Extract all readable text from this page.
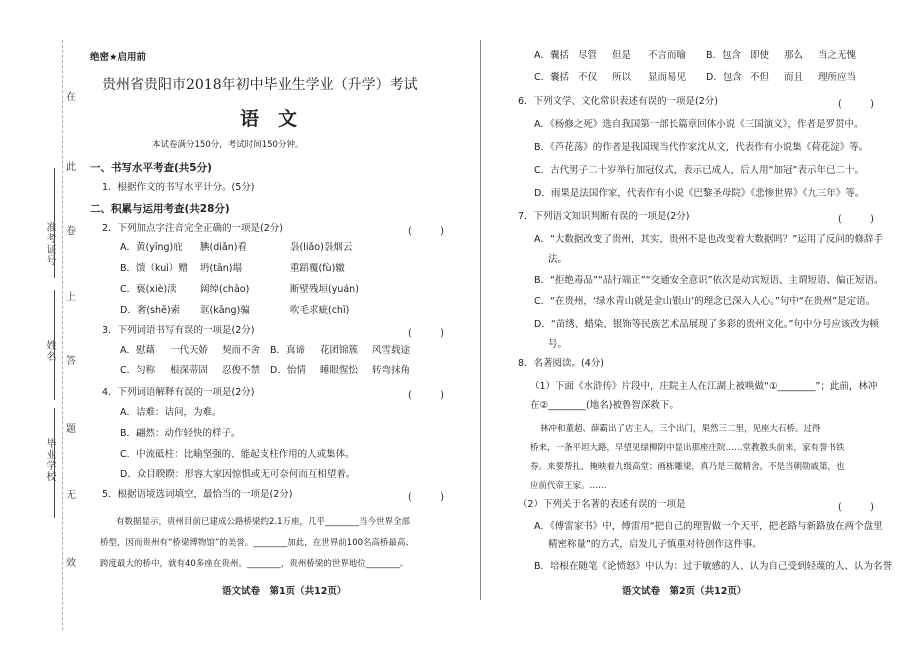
在
此
卷
上
答
题
无
效
准考证号
姓名
毕业学校
绝密★启用前
贵州省贵阳市2018年初中毕业生学业（升学）考试
语　文
本试卷满分150分，考试时间150分钟。
一、书写水平考查(共5分)
1．根据作文的书写水平计分。(5分)
二、积累与运用考查(共28分)
2．下列加点字注音完全正确的一项是(2分)	(　　　)
A．黄(yīng)庇 腆(diǎn)看	袅(liǎo)袅烟云
B．馈（kuì）赠 坍(tān)塌	重蹈覆(fù)辙
C．亵(xiè)渎 阔绰(chāo)	断壁残垣(yuán)
D．奢(shē)索 诓(kāng)骗	吹毛求疵(chī)
3．下列词语书写有误的一项是(2分)	(　　　)
A．慰藉 一代天娇 契而不舍 B．真谛 花团锦簇 风雪载途
C．匀称 根深蒂固 忍俊不禁 D．怡情 睡眼惺忪 转弯抹角
4．下列词语解释有误的一项是(2分)	(　　　)
A．诘难：诘问，为难。
B．翩然：动作轻快的样子。
C．中流砥柱：比喻坚强的、能起支柱作用的人或集体。
D．众目睽睽：形容大家因惊惧或无可奈何而互相望着。
5．根据语境选词填空，最恰当的一项是(2分)	(　　　)
有数据显示，贵州目前已建成公路桥梁约2.1万座，几乎________当今世界全部
桥型，因而贵州有“桥梁博物馆”的美誉。________加此，在世界前100名高桥最高、
跨度最大的桥中，就有40多座在贵州。________，贵州桥梁的世界地位________。
语文试卷　第1页（共12页）
A．囊括 尽管 但是 不言而喻 B．包含 即使 那么 当之无愧
C．囊括 不仅 所以 显而易见 D．包含 不但 而且 理所应当
6．下列文学、文化常识表述有误的一项是(2分)	(　　　)
A．《杨修之死》选自我国第一部长篇章回体小说《三国演义》，作者是罗贯中。
B．《芦花荡》的作者是我国现当代作家沈从文，代表作有小说集《荷花淀》等。
C．古代男子二十岁举行加冠仪式，表示已成人，后人用“加冠”表示年已二十。
D．雨果是法国作家，代表作有小说《巴黎圣母院》《悲惨世界》《九三年》等。
7．下列语文知识判断有误的一项是(2分)	(　　　)
A．“大数据改变了贵州，其实，贵州不是也改变着大数据吗？”运用了反问的修辞手
法。
B．“拒绝毒品”“品行端正”“交通安全意识”依次是动宾短语、主谓短语、偏正短语。
C．“在贵州，‘绿水青山就是金山银山’的理念已深入人心。”句中“在贵州”是定语。
D．“苗绣、蜡染、银饰等民族艺术品展现了多彩的贵州文化。”句中分号应该改为顿
号。
8．名著阅读。(4分)
（1）下面《水浒传》片段中，庄院主人在江湖上被唤做“①________”；此前，林冲
在②________(地名)被鲁智深救下。
林冲和董超、薛霸出了店主人，三个出门，果然三二里，见座大石桥。过得
桥来，一条平坦大路，早望见绿柳阴中显出那座庄院……堂教教头前来，家有誉书铁
券。来要帮扎，掩映着九级高堂；画栋雕梁，真乃是三微精舍。不是当朝勋戚第，也
应前代帝王家。……
（2）下列关于名著的表述有误的一项是	(　　　)
A．《傅雷家书》中，傅雷用“把自己的理智做一个天平，把老路与新路放在两个盘里
精密称量”的方式，启发儿子慎重对待创作这件事。
B．培根在随笔《论愤怒》中认为：过于敏感的人、认为自己受到轻蔑的人、认为名誉
语文试卷　第2页（共12页）
